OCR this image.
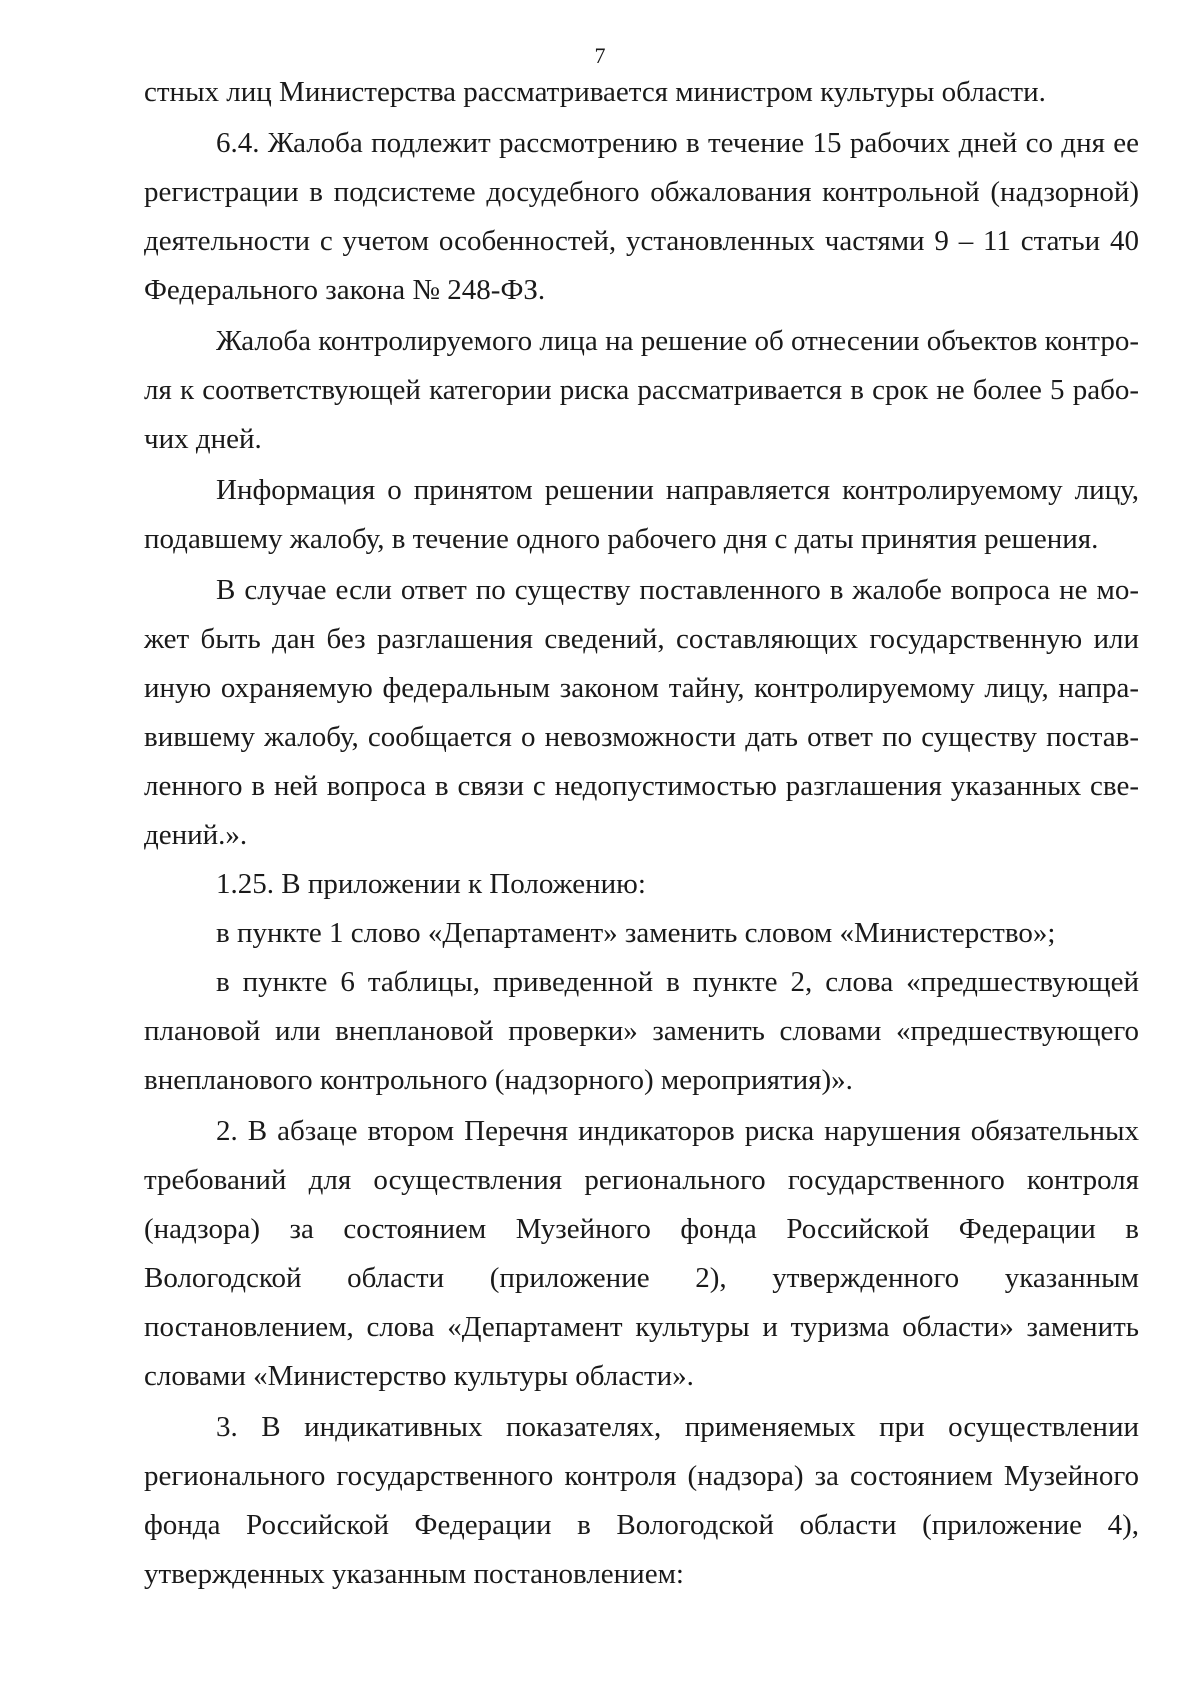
7

стных лиц Министерства рассматривается министром культуры области.

6.4. Жалоба подлежит рассмотрению в течение 15 рабочих дней со дня ее регистрации в подсистеме досудебного обжалования контрольной (надзорной) деятельности с учетом особенностей, установленных частями 9 – 11 статьи 40 Федерального закона № 248-ФЗ.

Жалоба контролируемого лица на решение об отнесении объектов контроля к соответствующей категории риска рассматривается в срок не более 5 рабочих дней.

Информация о принятом решении направляется контролируемому лицу, подавшему жалобу, в течение одного рабочего дня с даты принятия решения.

В случае если ответ по существу поставленного в жалобе вопроса не может быть дан без разглашения сведений, составляющих государственную или иную охраняемую федеральным законом тайну, контролируемому лицу, направившему жалобу, сообщается о невозможности дать ответ по существу поставленного в ней вопроса в связи с недопустимостью разглашения указанных сведений.».

1.25. В приложении к Положению:

в пункте 1 слово «Департамент» заменить словом «Министерство»;

в пункте 6 таблицы, приведенной в пункте 2, слова «предшествующей плановой или внеплановой проверки» заменить словами «предшествующего внепланового контрольного (надзорного) мероприятия)».

2. В абзаце втором Перечня индикаторов риска нарушения обязательных требований для осуществления регионального государственного контроля (надзора) за состоянием Музейного фонда Российской Федерации в Вологодской области (приложение 2), утвержденного указанным постановлением, слова «Департамент культуры и туризма области» заменить словами «Министерство культуры области».

3. В индикативных показателях, применяемых при осуществлении регионального государственного контроля (надзора) за состоянием Музейного фонда Российской Федерации в Вологодской области (приложение 4), утвержденных указанным постановлением:
